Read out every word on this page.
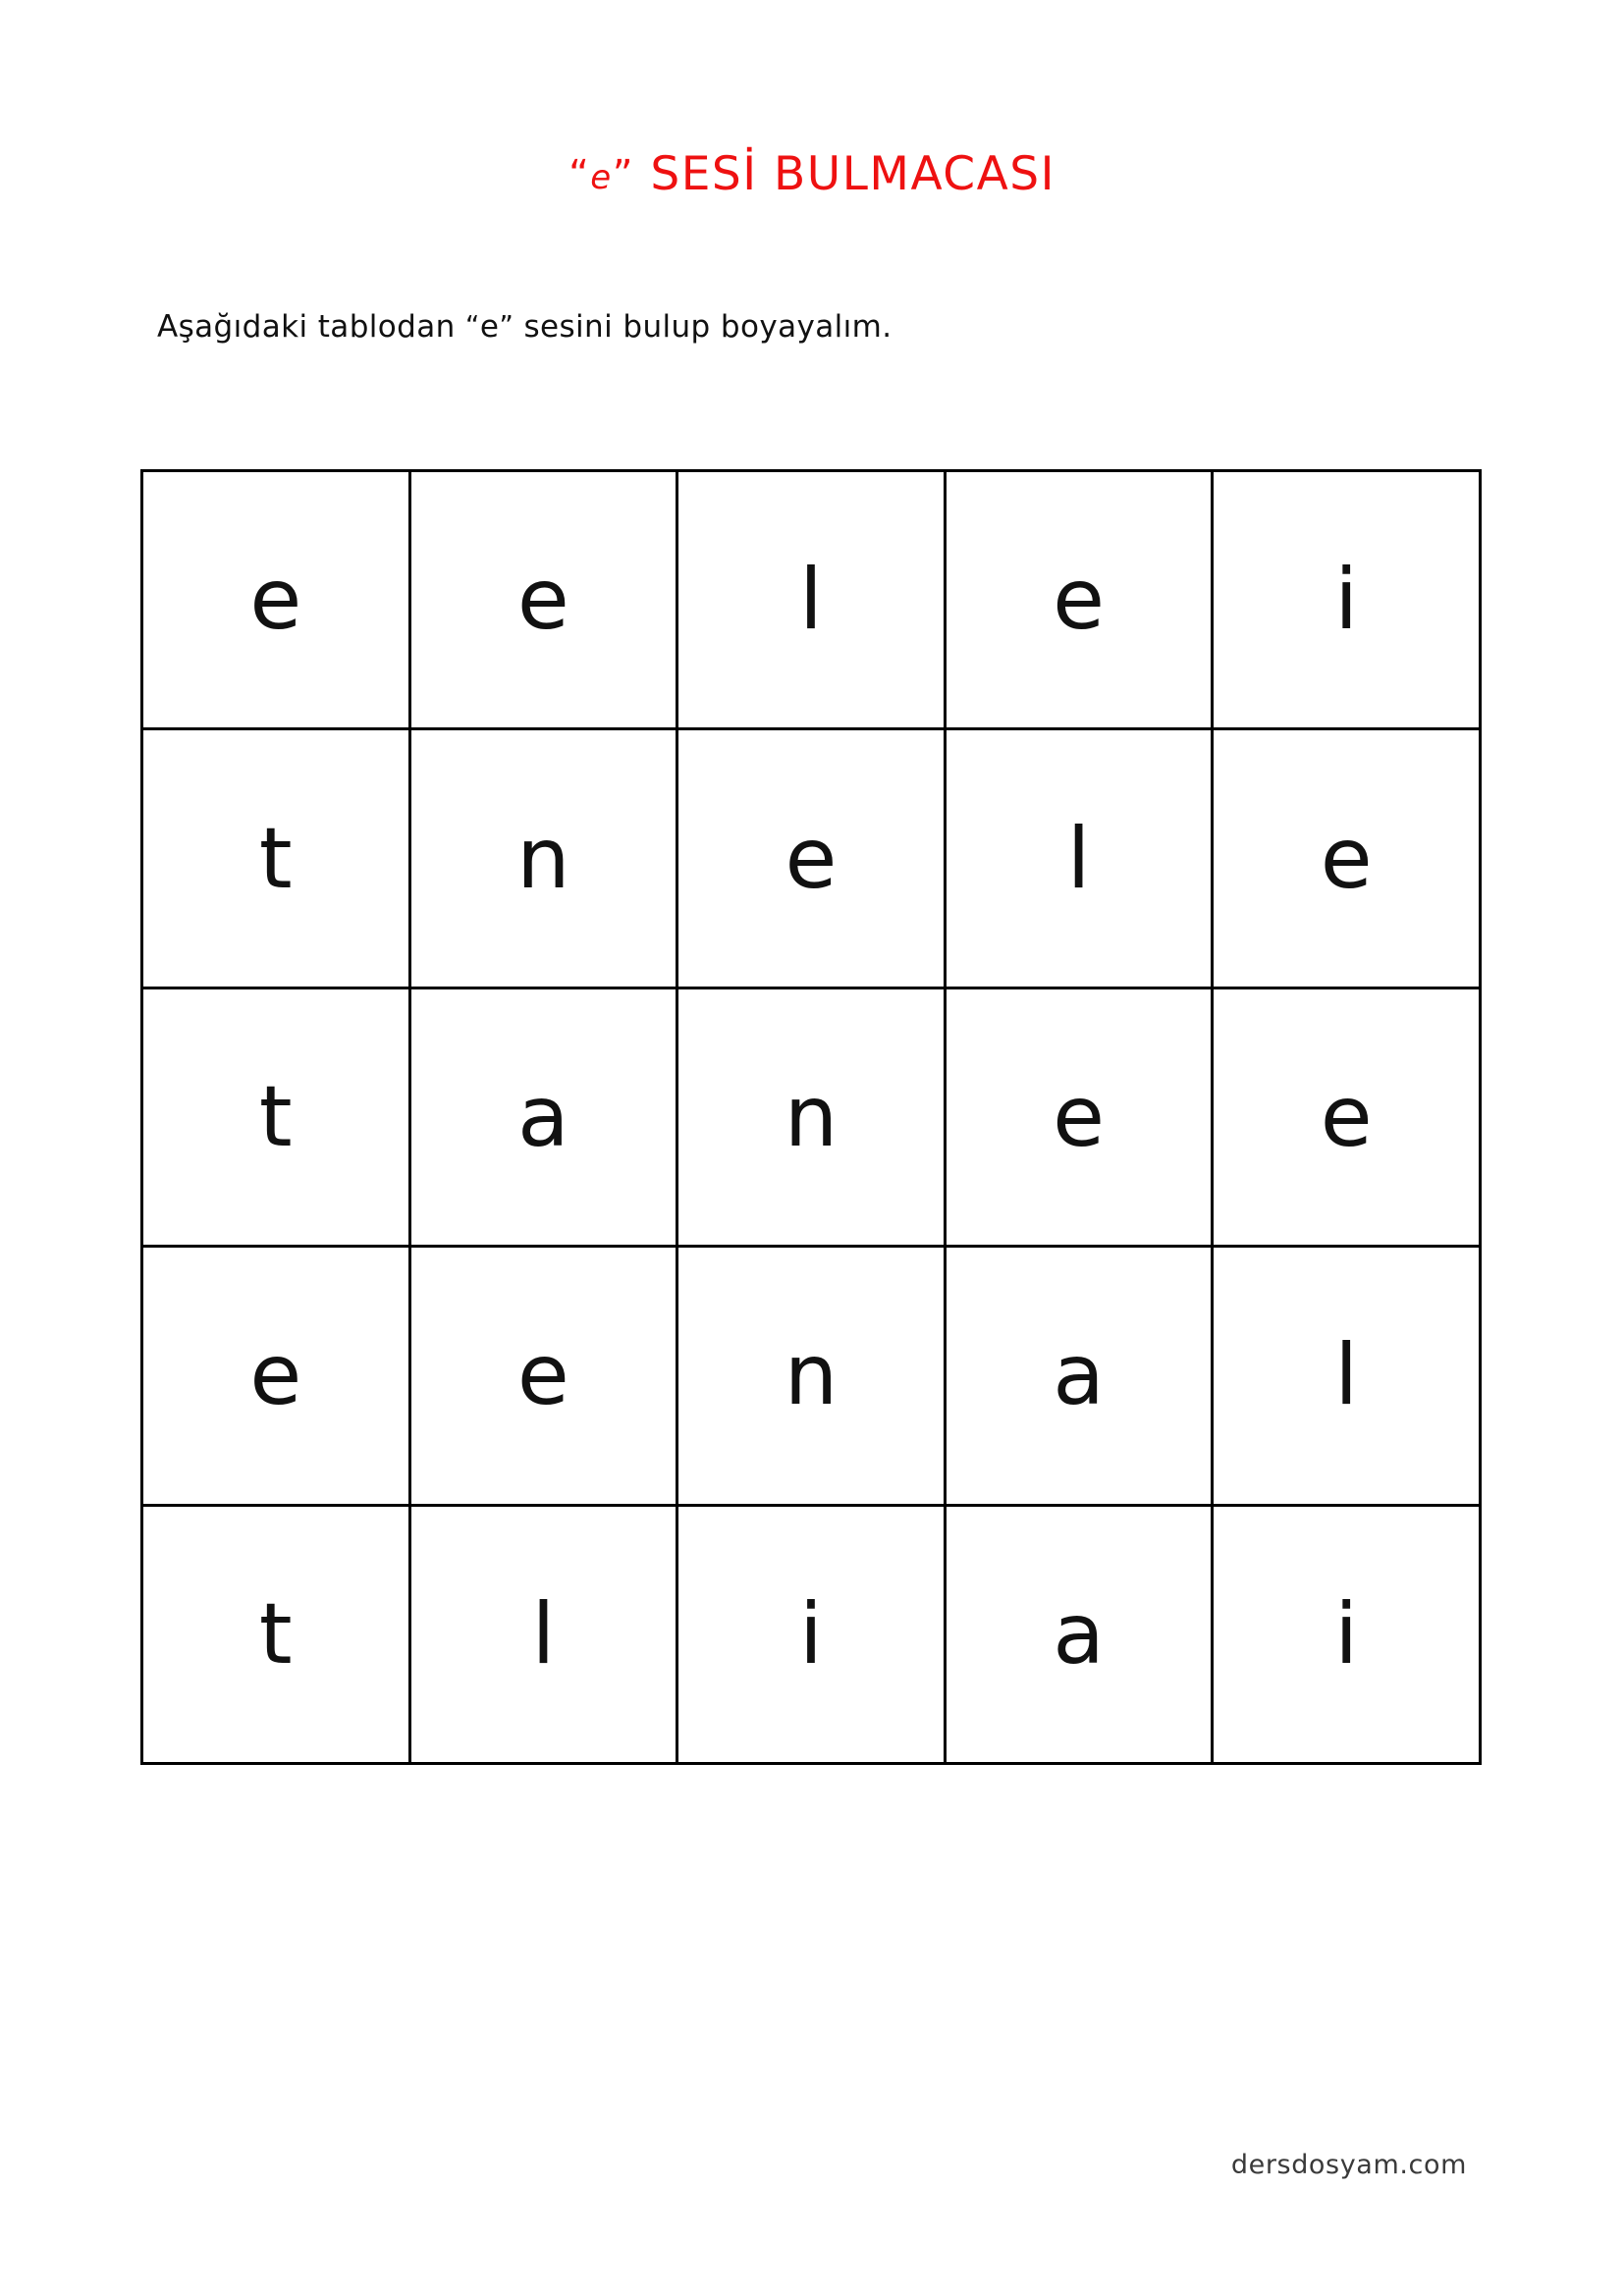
“e” SESİ BULMACASI
Aşağıdaki tablodan “e” sesini bulup boyayalım.
e	e	l	e	i
t	n	e	l	e
t	a	n	e	e
e	e	n	a	l
t	l	i	a	i
dersdosyam.com
